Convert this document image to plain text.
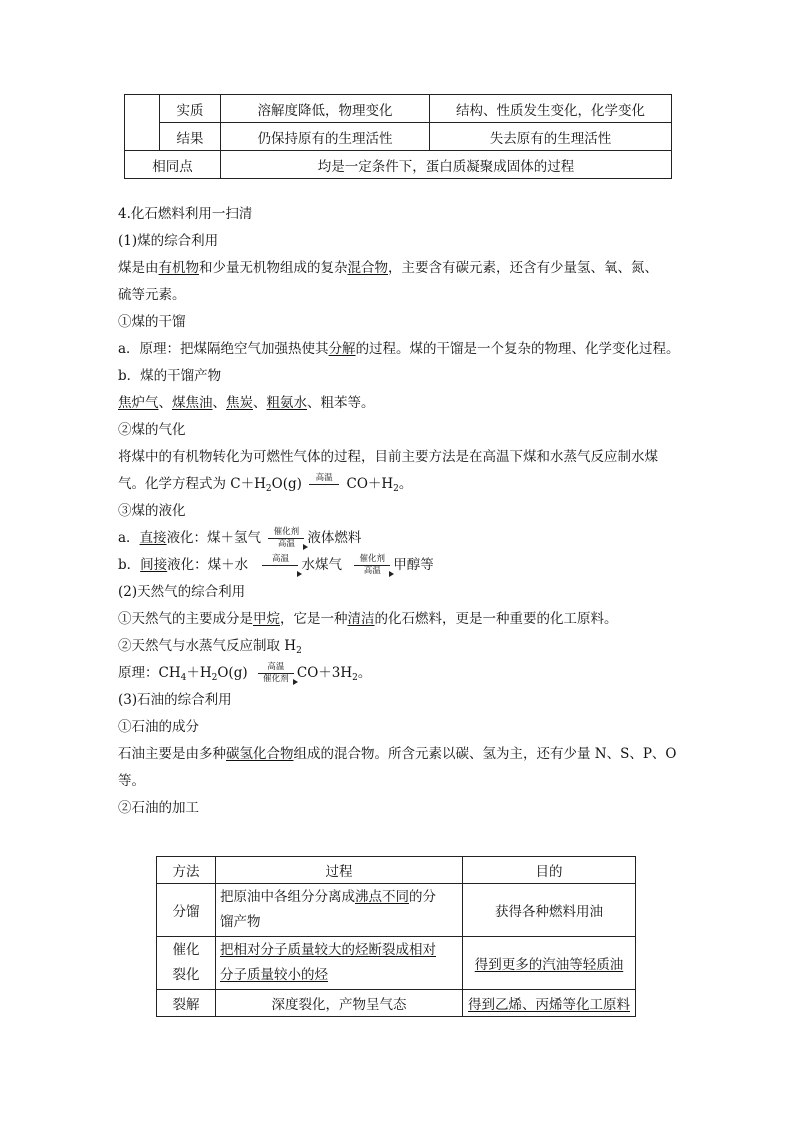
	实质	溶解度降低，物理变化	结构、性质发生变化，化学变化
	结果	仍保持原有的生理活性	失去原有的生理活性
相同点		均是一定条件下，蛋白质凝聚成固体的过程	
4.化石燃料利用一扫清
(1)煤的综合利用
煤是由有机物和少量无机物组成的复杂混合物，主要含有碳元素，还含有少量氢、氧、氮、
硫等元素。
①煤的干馏
a．原理：把煤隔绝空气加强热使其分解的过程。煤的干馏是一个复杂的物理、化学变化过程。
b．煤的干馏产物
焦炉气、煤焦油、焦炭、粗氨水、粗苯等。
②煤的气化
将煤中的有机物转化为可燃性气体的过程，目前主要方法是在高温下煤和水蒸气反应制水煤
气。化学方程式为 $C+H_2O(g)$	高温
	$CO+H_2$。
③煤的液化
a．直接液化：煤＋氢气	催化剂
高温 液体燃料
b．间接液化：煤＋水	高温
水煤气	催化剂
高温 甲醇等
(2)天然气的综合利用
①天然气的主要成分是甲烷，它是一种清洁的化石燃料，更是一种重要的化工原料。
②天然气与水蒸气反应制取 $H_2$
原理：$CH_4+H_2O(g)$	高温
催化剂 $CO+3H_2$。
(3)石油的综合利用
①石油的成分
石油主要是由多种碳氢化合物组成的混合物。所含元素以碳、氢为主，还有少量 N、S、P、O
等。
②石油的加工
方法	过程	目的
分馏	把原油中各组分分离成沸点不同的分
馏产物	获得各种燃料用油
催化
裂化	把相对分子质量较大的烃断裂成相对
分子质量较小的烃	得到更多的汽油等轻质油
裂解	深度裂化，产物呈气态	得到乙烯、丙烯等化工原料
